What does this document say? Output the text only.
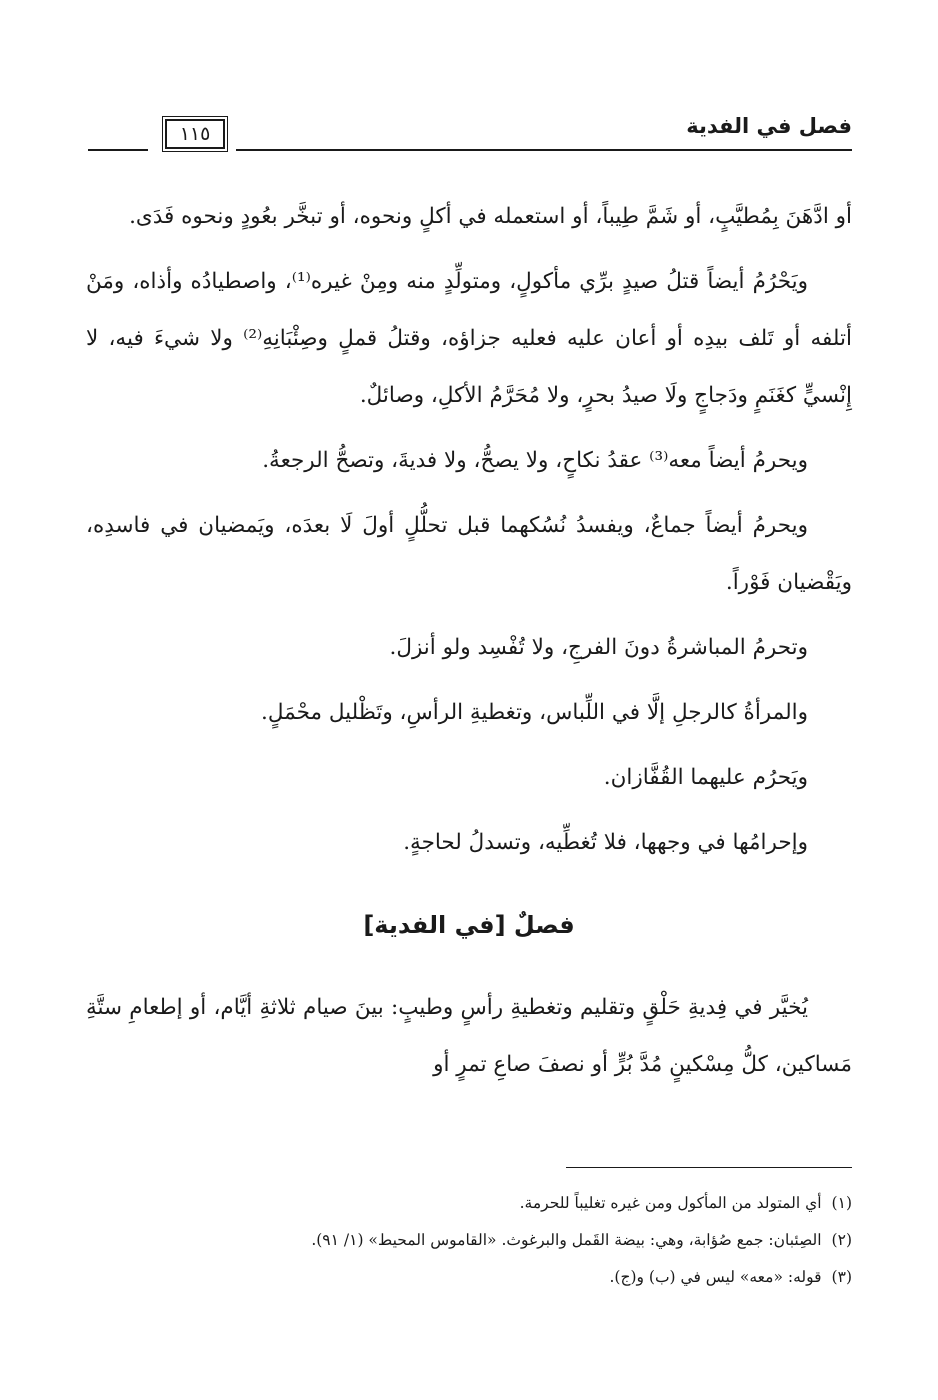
فصل في الفدية
١١٥

أو ادَّهَنَ بِمُطيَّبٍ، أو شَمَّ طِيباً، أو استعمله في أكلٍ ونحوه، أو تبخَّر بعُودٍ ونحوه فَدَى.

ويَحْرُمُ أيضاً قتلُ صيدٍ برِّي مأكولٍ، ومتولِّدٍ منه ومِنْ غيره⁽¹⁾، واصطيادُه وأذاه، ومَنْ أتلفه أو تَلف بيدِه أو أعان عليه فعليه جزاؤه، وقتلُ قملٍ وصِئْبَانِهِ⁽²⁾ ولا شيءَ فيه، لا إِنْسيٍّ كغَنَمٍ ودَجاجٍ ولَا صيدُ بحرٍ، ولا مُحَرَّمُ الأكلِ، وصائلٌ.

ويحرمُ أيضاً معه⁽³⁾ عقدُ نكاحٍ، ولا يصحُّ، ولا فديةَ، وتصحُّ الرجعةُ.

ويحرمُ أيضاً جماعٌ، ويفسدُ نُسُكهما قبل تحلُّلٍ أولَ لَا بعدَه، ويَمضيان في فاسدِه، ويَقْضيان فَوْراً.

وتحرمُ المباشرةُ دونَ الفرجِ، ولا تُفْسِد ولو أنزلَ.

والمرأةُ كالرجلِ إلَّا في اللِّباس، وتغطيةِ الرأسِ، وتَظْليل محْمَلٍ.

ويَحرُم عليهما القُفَّازان.

وإحرامُها في وجهها، فلا تُغطِّيه، وتسدلُ لحاجةٍ.

فصلٌ [في الفدية]

يُخيَّر في فِديةِ حَلْقٍ وتقليم وتغطيةِ رأسٍ وطيبٍ: بينَ صيام ثلاثةِ أيَّام، أو إطعامِ ستَّةِ مَساكين، كلُّ مِسْكينٍ مُدَّ بُرٍّ أو نصفَ صاعِ تمرٍ أو

(١)أي المتولد من المأكول ومن غيره تغليباً للحرمة.

(٢)الصِئبان: جمع صُؤابة، وهي: بيضة القَمل والبرغوث. «القاموس المحيط» (١/ ٩١).

(٣)قوله: «معه» ليس في (ب) و(ج).
